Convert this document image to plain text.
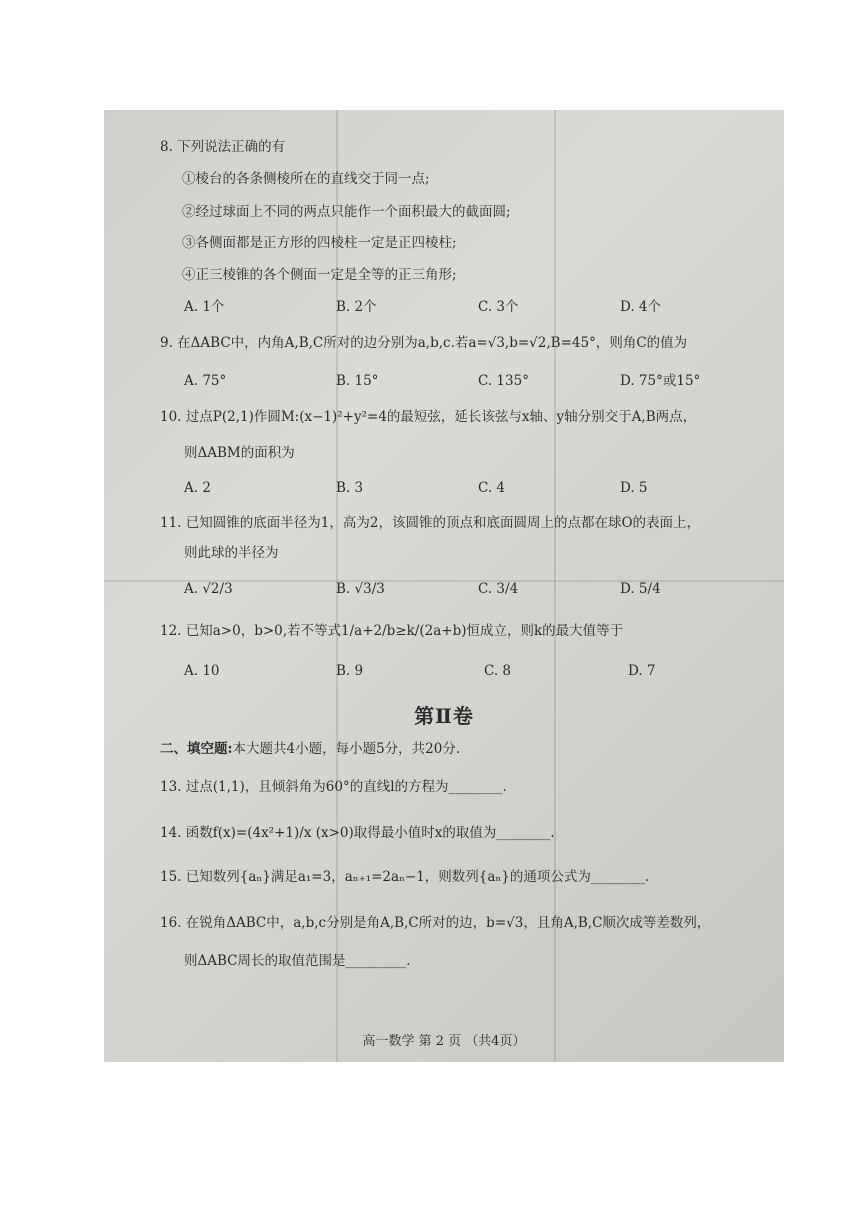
8. 下列说法正确的有
①棱台的各条侧棱所在的直线交于同一点;
②经过球面上不同的两点只能作一个面积最大的截面圆;
③各侧面都是正方形的四棱柱一定是正四棱柱;
④正三棱锥的各个侧面一定是全等的正三角形;
A. 1个	B. 2个	C. 3个	D. 4个
9. 在ΔABC中，内角A,B,C所对的边分别为a,b,c.若a=√3,b=√2,B=45°，则角C的值为
A. 75°	B. 15°	C. 135°	D. 75°或15°
10. 过点P(2,1)作圆M:(x−1)²+y²=4的最短弦，延长该弦与x轴、y轴分别交于A,B两点，
则ΔABM的面积为
A. 2	B. 3	C. 4	D. 5
11. 已知圆锥的底面半径为1，高为2，该圆锥的顶点和底面圆周上的点都在球O的表面上，
则此球的半径为
A. √2/3	B. √3/3	C. 3/4	D. 5/4
12. 已知a>0，b>0,若不等式1/a+2/b≥k/(2a+b)恒成立，则k的最大值等于
A. 10	B. 9	C. 8	D. 7
第Ⅱ卷
二、填空题:本大题共4小题，每小题5分，共20分.
13. 过点(1,1)，且倾斜角为60°的直线l的方程为________.
14. 函数f(x)=(4x²+1)/x (x>0)取得最小值时x的取值为________.
15. 已知数列{aₙ}满足a₁=3，aₙ₊₁=2aₙ−1，则数列{aₙ}的通项公式为________.
16. 在锐角ΔABC中，a,b,c分别是角A,B,C所对的边，b=√3，且角A,B,C顺次成等差数列，
则ΔABC周长的取值范围是_________.
高一数学 第 2 页 （共4页）
